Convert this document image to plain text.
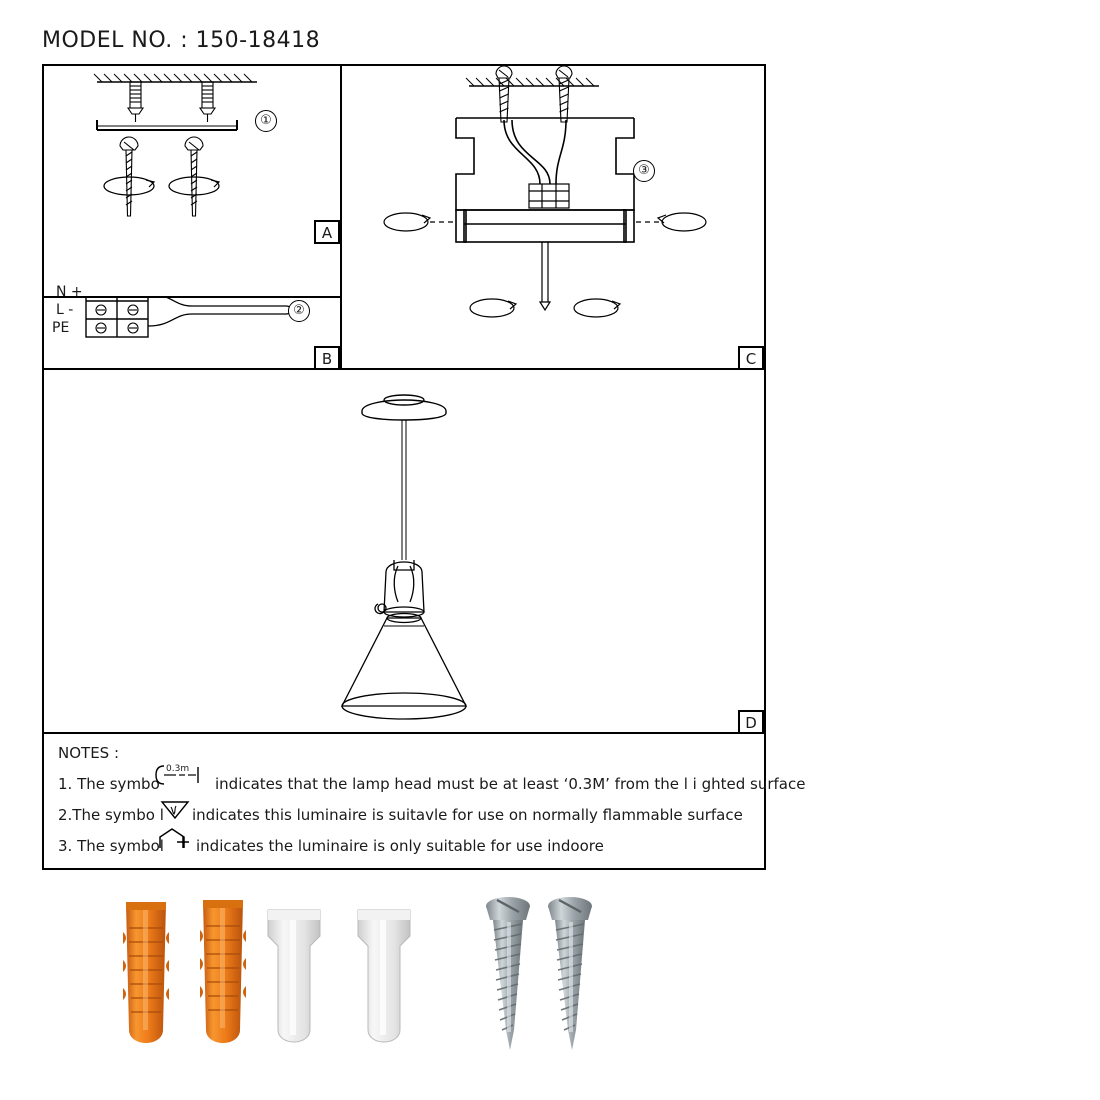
MODEL NO. : 150-18418
①
A
N +
L -
PE
②
B
③
C
D
NOTES :
1. The symbo
0.3m
indicates that the lamp head must be at least ‘0.3M’ from the l i ghted surface
2.The symbo l indicates this luminaire is suitavle for use on normally flammable surface
3. The symbol indicates the luminaire is only suitable for use indoore
